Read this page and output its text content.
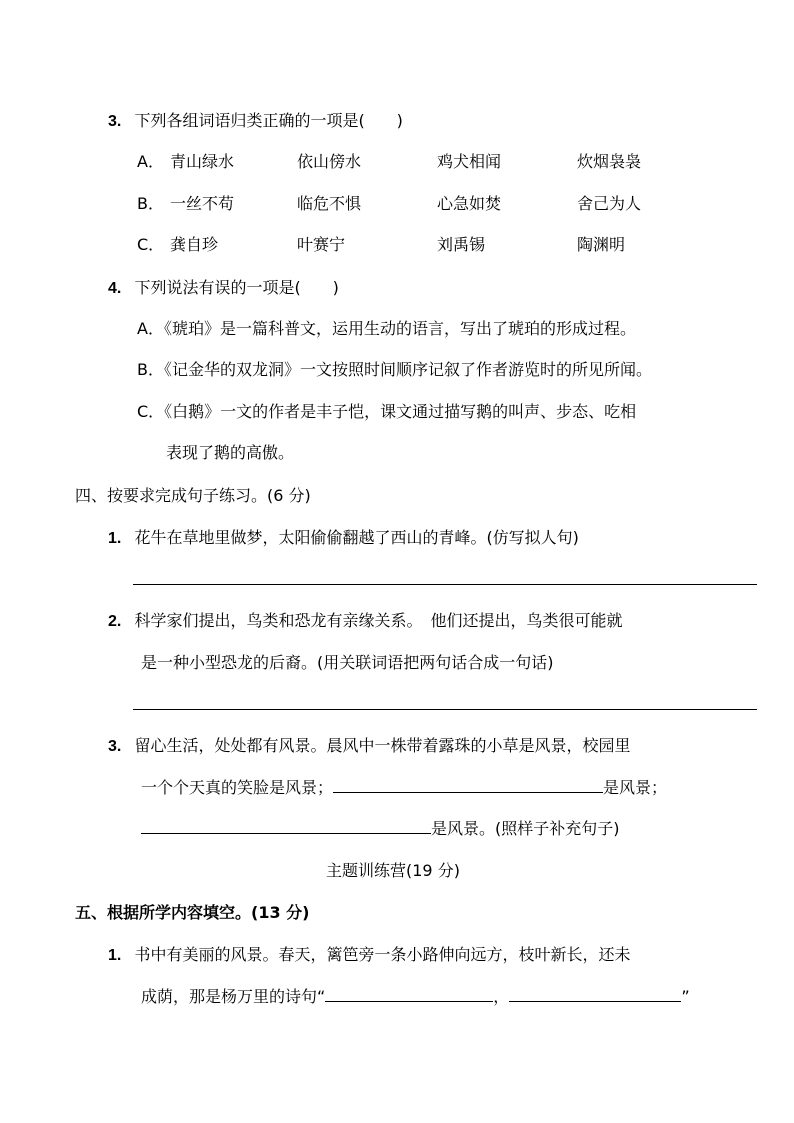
3. 下列各组词语归类正确的一项是(　　)
A． 青山绿水	依山傍水	鸡犬相闻	炊烟袅袅
B． 一丝不苟	临危不惧	心急如焚	舍己为人
C． 龚自珍	叶赛宁	刘禹锡	陶渊明
4. 下列说法有误的一项是(　　)
A．《琥珀》是一篇科普文，运用生动的语言，写出了琥珀的形成过程。
B．《记金华的双龙洞》一文按照时间顺序记叙了作者游览时的所见所闻。
C．《白鹅》一文的作者是丰子恺，课文通过描写鹅的叫声、步态、吃相
表现了鹅的高傲。
四、按要求完成句子练习。(6 分)
1. 花牛在草地里做梦，太阳偷偷翻越了西山的青峰。(仿写拟人句)
2. 科学家们提出，鸟类和恐龙有亲缘关系。　他们还提出，鸟类很可能就
是一种小型恐龙的后裔。(用关联词语把两句话合成一句话)
3. 留心生活，处处都有风景。晨风中一株带着露珠的小草是风景，校园里
一个个天真的笑脸是风景；	是风景；
是风景。(照样子补充句子)
主题训练营(19 分)
五、根据所学内容填空。(13 分)
1. 书中有美丽的风景。春天，篱笆旁一条小路伸向远方，枝叶新长，还未
成荫，那是杨万里的诗句“	，	”
